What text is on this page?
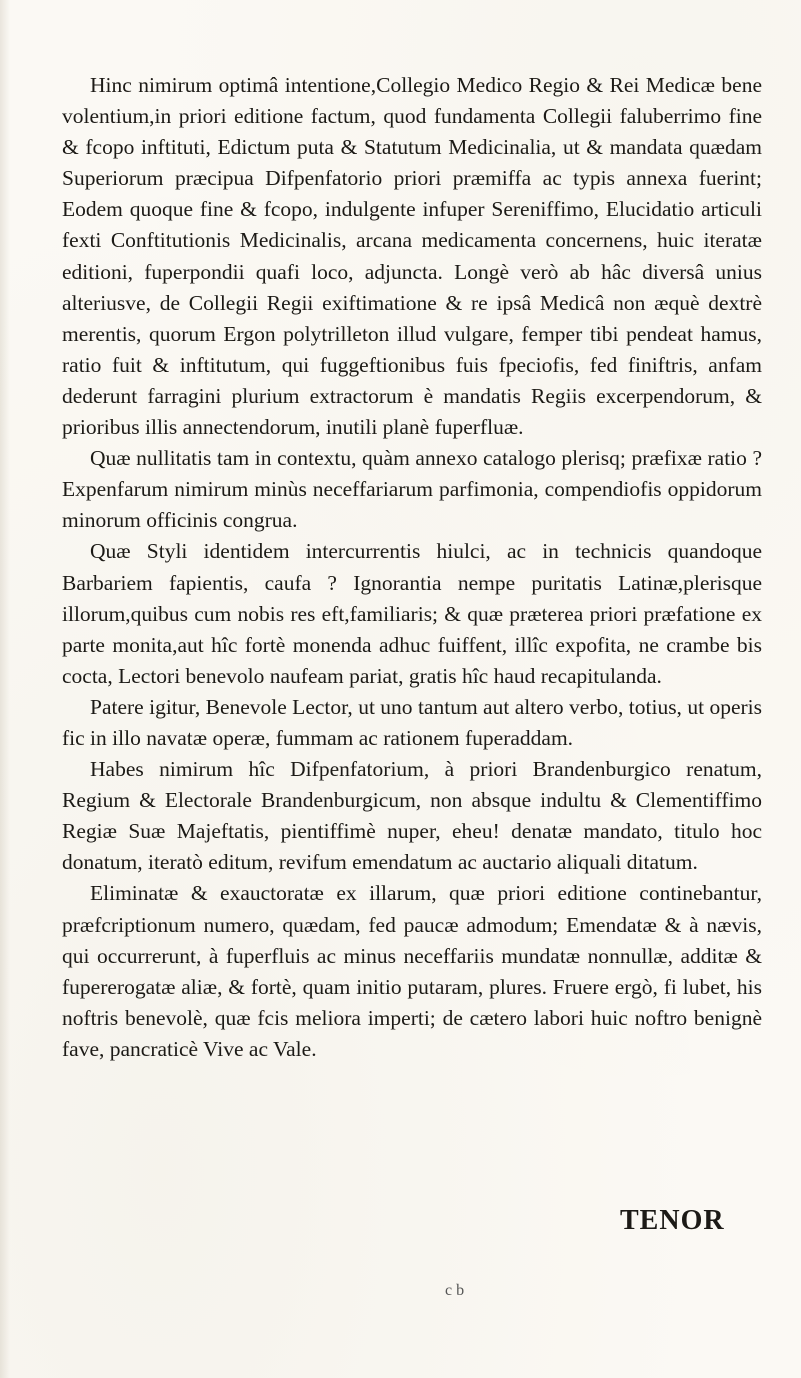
Hinc nimirum optimâ intentione,Collegio Medico Regio & Rei Medicæ bene volentium,in priori editione factum, quod fundamenta Collegii faluberrimo fine & fcopo inftituti, Edictum puta & Statutum Medicinalia, ut & mandata quædam Superiorum præcipua Difpenfatorio priori præmiffa ac typis annexa fuerint; Eodem quoque fine & fcopo, indulgente infuper Sereniffimo, Elucidatio articuli fexti Conftitutionis Medicinalis, arcana medicamenta concernens, huic iteratæ editioni, fuperpondii quafi loco, adjuncta. Longè verò ab hâc diversâ unius alteriusve, de Collegii Regii exiftimatione & re ipsâ Medicâ non æquè dextrè merentis, quorum Ergon polytrilleton illud vulgare, femper tibi pendeat hamus, ratio fuit & inftitutum, qui fuggeftionibus fuis fpeciofis, fed finiftris, anfam dederunt farragini plurium extractorum è mandatis Regiis excerpendorum, & prioribus illis annectendorum, inutili planè fuperfluæ.

Quæ nullitatis tam in contextu, quàm annexo catalogo plerisq; præfixæ ratio ? Expenfarum nimirum minùs neceffariarum parfimonia, compendiofis oppidorum minorum officinis congrua.

Quæ Styli identidem intercurrentis hiulci, ac in technicis quandoque Barbariem fapientis, caufa ? Ignorantia nempe puritatis Latinæ,plerisque illorum,quibus cum nobis res eft,familiaris; & quæ præterea priori præfatione ex parte monita,aut hîc fortè monenda adhuc fuiffent, illîc expofita, ne crambe bis cocta, Lectori benevolo naufeam pariat, gratis hîc haud recapitulanda.

Patere igitur, Benevole Lector, ut uno tantum aut altero verbo, totius, ut operis fic in illo navatæ operæ, fummam ac rationem fuperaddam.

Habes nimirum hîc Difpenfatorium, à priori Brandenburgico renatum, Regium & Electorale Brandenburgicum, non absque indultu & Clementiffimo Regiæ Suæ Majeftatis, pientiffimè nuper, eheu! denatæ mandato, titulo hoc donatum, iteratò editum, revifum emendatum ac auctario aliquali ditatum.

Eliminatæ & exauctoratæ ex illarum, quæ priori editione continebantur, præfcriptionum numero, quædam, fed paucæ admodum; Emendatæ & à nævis, qui occurrerunt, à fuperfluis ac minus neceffariis mundatæ nonnullæ, additæ & fupererogatæ aliæ, & fortè, quam initio putaram, plures. Fruere ergò, fi lubet, his noftris benevolè, quæ fcis meliora imperti; de cætero labori huic noftro benignè fave, pancraticè Vive ac Vale.

TENOR
c b
